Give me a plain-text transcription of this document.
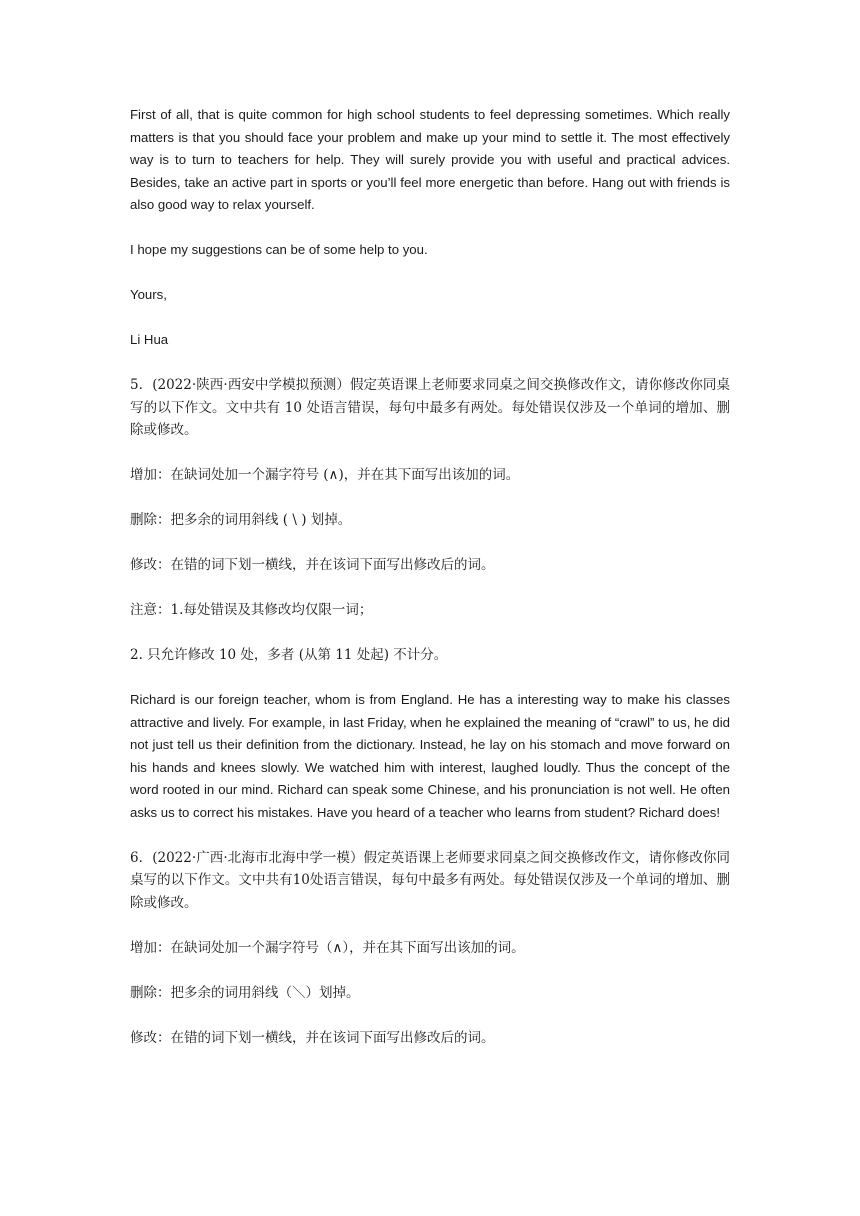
First of all, that is quite common for high school students to feel depressing sometimes. Which really matters is that you should face your problem and make up your mind to settle it. The most effectively way is to turn to teachers for help. They will surely provide you with useful and practical advices. Besides, take an active part in sports or you’ll feel more energetic than before. Hang out with friends is also good way to relax yourself.

I hope my suggestions can be of some help to you.

Yours,

Li Hua

5．(2022·陕西·西安中学模拟预测）假定英语课上老师要求同桌之间交换修改作文，请你修改你同桌写的以下作文。文中共有 10 处语言错误，每句中最多有两处。每处错误仅涉及一个单词的增加、删 除或修改。

增加：在缺词处加一个漏字符号 (∧)，并在其下面写出该加的词。

删除：把多余的词用斜线 ( \ ) 划掉。

修改：在错的词下划一横线，并在该词下面写出修改后的词。

注意：1.每处错误及其修改均仅限一词；

2. 只允许修改 10 处，多者 (从第 11 处起) 不计分。

Richard is our foreign teacher, whom is from England. He has a interesting way to make his classes attractive and lively. For example, in last Friday, when he explained the meaning of “crawl” to us, he did not just tell us their definition from the dictionary. Instead, he lay on his stomach and move forward on his hands and knees slowly. We watched him with interest, laughed loudly. Thus the concept of the word rooted in our mind. Richard can speak some Chinese, and his pronunciation is not well. He often asks us to correct his mistakes. Have you heard of a teacher who learns from student? Richard does!

6．(2022·广西·北海市北海中学一模）假定英语课上老师要求同桌之间交换修改作文，请你修改你同桌写的以下作文。文中共有10处语言错误，每句中最多有两处。每处错误仅涉及一个单词的增加、删除或修改。

增加：在缺词处加一个漏字符号（∧），并在其下面写出该加的词。

删除：把多余的词用斜线（＼）划掉。

修改：在错的词下划一横线，并在该词下面写出修改后的词。
